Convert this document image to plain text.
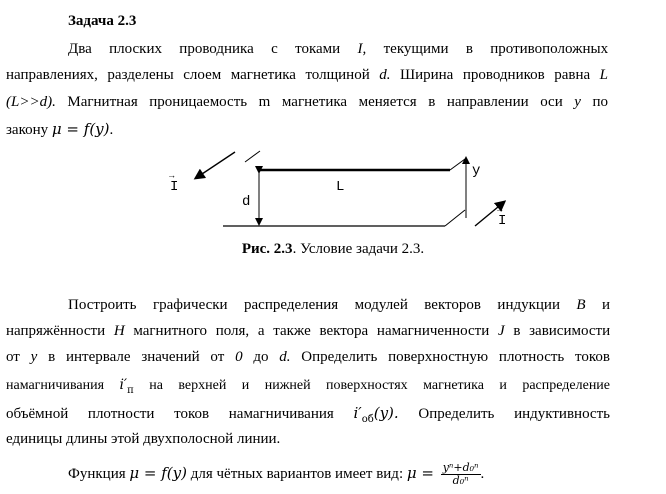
Задача 2.3
Два плоских проводника с токами I, текущими в противоположных
направлениях, разделены слоем магнетика толщиной d. Ширина проводников равна L
(L>>d). Магнитная проницаемость m магнетика меняется в направлении оси y по
закону μ = f(y).
I
→
d
L
y
I
→
Рис. 2.3. Условие задачи 2.3.
Построить графически распределения модулей векторов индукции B и
напряжённости H магнитного поля, а также вектора намагниченности J в зависимости
от y в интервале значений от 0 до d. Определить поверхностную плотность токов
намагничивания $i'_п$ на верхней и нижней поверхностях магнетика и распределение
объёмной плотности токов намагничивания $i'_{об}(y)$. Определить индуктивность
единицы длины этой двухполосной линии.
Функция μ = f(y) для чётных вариантов имеет вид: $\mu = \frac{\text{yⁿ+d₀ⁿ}}{\text{d₀ⁿ}}$ .
